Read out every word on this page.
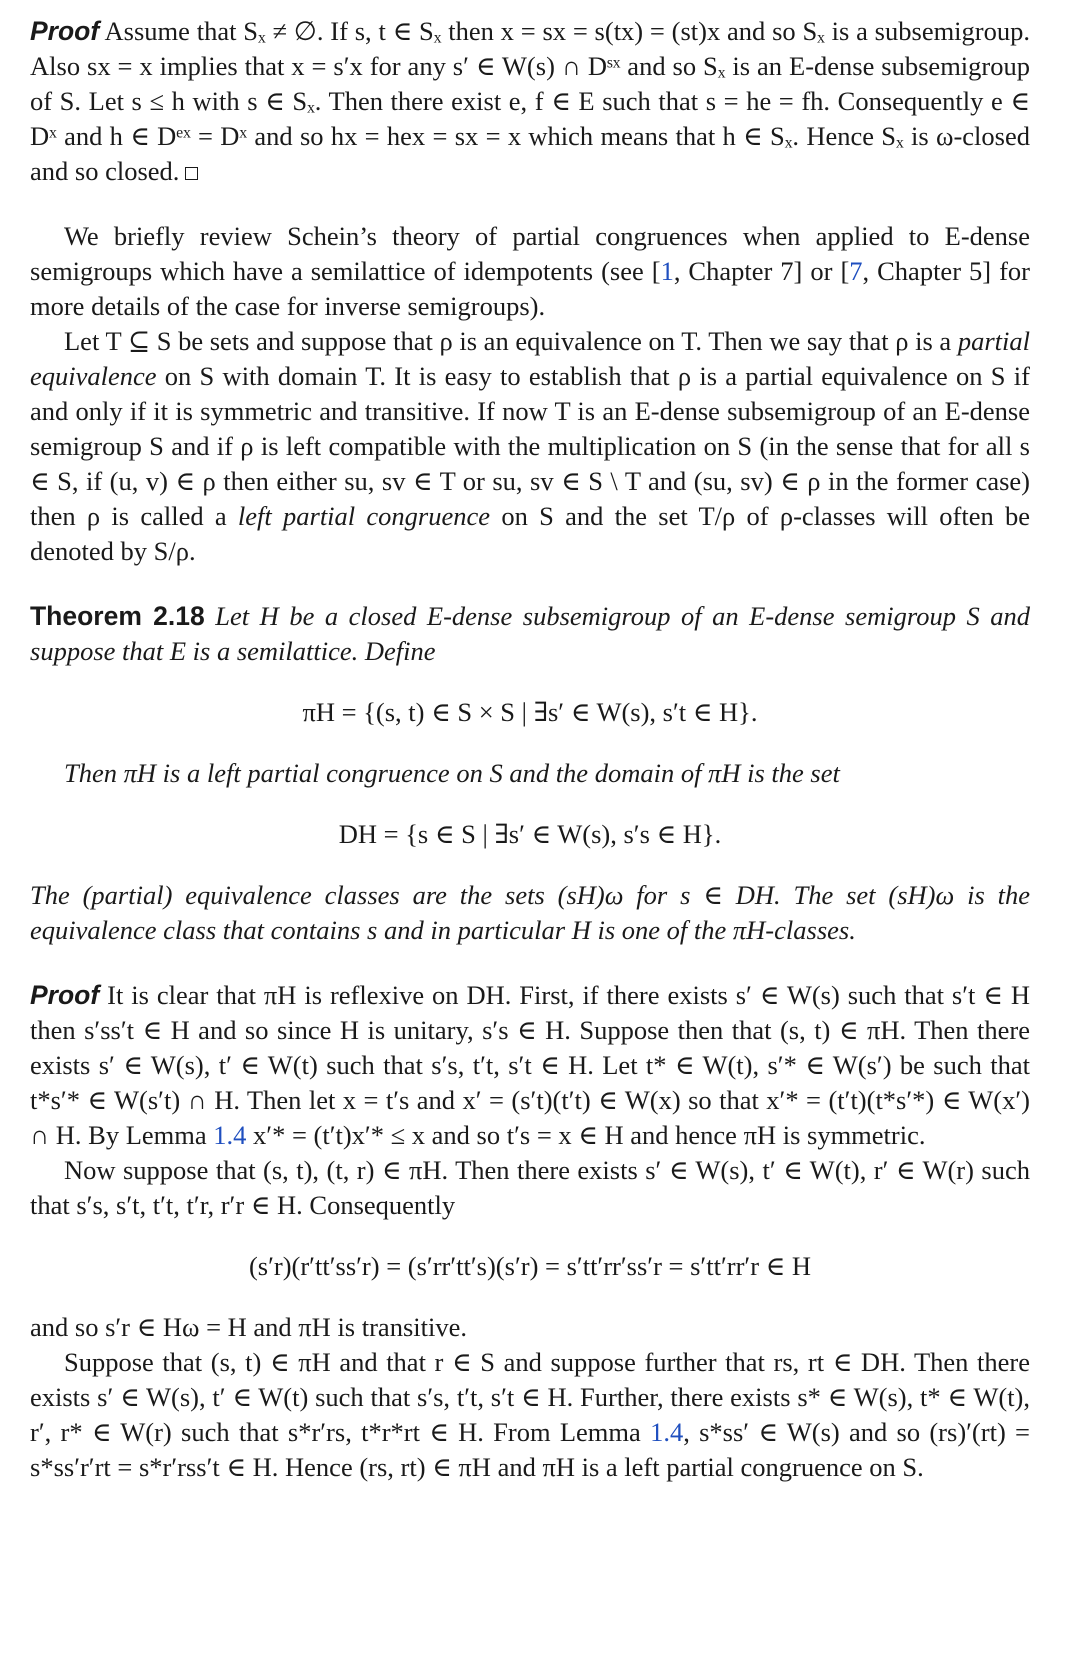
Proof Assume that Sₓ ≠ ∅. If s, t ∈ Sₓ then x = sx = s(tx) = (st)x and so Sₓ is a subsemigroup. Also sx = x implies that x = s′x for any s′ ∈ W(s) ∩ Dˢˣ and so Sₓ is an E-dense subsemigroup of S. Let s ≤ h with s ∈ Sₓ. Then there exist e, f ∈ E such that s = he = fh. Consequently e ∈ Dˣ and h ∈ Dᵉˣ = Dˣ and so hx = hex = sx = x which means that h ∈ Sₓ. Hence Sₓ is ω-closed and so closed.

We briefly review Schein’s theory of partial congruences when applied to E-dense semigroups which have a semilattice of idempotents (see [1, Chapter 7] or [7, Chapter 5] for more details of the case for inverse semigroups).

Let T ⊆ S be sets and suppose that ρ is an equivalence on T. Then we say that ρ is a partial equivalence on S with domain T. It is easy to establish that ρ is a partial equivalence on S if and only if it is symmetric and transitive. If now T is an E-dense subsemigroup of an E-dense semigroup S and if ρ is left compatible with the multiplication on S (in the sense that for all s ∈ S, if (u, v) ∈ ρ then either su, sv ∈ T or su, sv ∈ S \ T and (su, sv) ∈ ρ in the former case) then ρ is called a left partial congruence on S and the set T/ρ of ρ-classes will often be denoted by S/ρ.

Theorem 2.18 Let H be a closed E-dense subsemigroup of an E-dense semigroup S and suppose that E is a semilattice. Define

πH = {(s, t) ∈ S × S | ∃s′ ∈ W(s), s′t ∈ H}.

Then πH is a left partial congruence on S and the domain of πH is the set

DH = {s ∈ S | ∃s′ ∈ W(s), s′s ∈ H}.

The (partial) equivalence classes are the sets (sH)ω for s ∈ DH. The set (sH)ω is the equivalence class that contains s and in particular H is one of the πH-classes.

Proof It is clear that πH is reflexive on DH. First, if there exists s′ ∈ W(s) such that s′t ∈ H then s′ss′t ∈ H and so since H is unitary, s′s ∈ H. Suppose then that (s, t) ∈ πH. Then there exists s′ ∈ W(s), t′ ∈ W(t) such that s′s, t′t, s′t ∈ H. Let t* ∈ W(t), s′* ∈ W(s′) be such that t*s′* ∈ W(s′t) ∩ H. Then let x = t′s and x′ = (s′t)(t′t) ∈ W(x) so that x′* = (t′t)(t*s′*) ∈ W(x′) ∩ H. By Lemma 1.4 x′* = (t′t)x′* ≤ x and so t′s = x ∈ H and hence πH is symmetric.

Now suppose that (s, t), (t, r) ∈ πH. Then there exists s′ ∈ W(s), t′ ∈ W(t), r′ ∈ W(r) such that s′s, s′t, t′t, t′r, r′r ∈ H. Consequently

(s′r)(r′tt′ss′r) = (s′rr′tt′s)(s′r) = s′tt′rr′ss′r = s′tt′rr′r ∈ H

and so s′r ∈ Hω = H and πH is transitive.

Suppose that (s, t) ∈ πH and that r ∈ S and suppose further that rs, rt ∈ DH. Then there exists s′ ∈ W(s), t′ ∈ W(t) such that s′s, t′t, s′t ∈ H. Further, there exists s* ∈ W(s), t* ∈ W(t), r′, r* ∈ W(r) such that s*r′rs, t*r*rt ∈ H. From Lemma 1.4, s*ss′ ∈ W(s) and so (rs)′(rt) = s*ss′r′rt = s*r′rss′t ∈ H. Hence (rs, rt) ∈ πH and πH is a left partial congruence on S.
